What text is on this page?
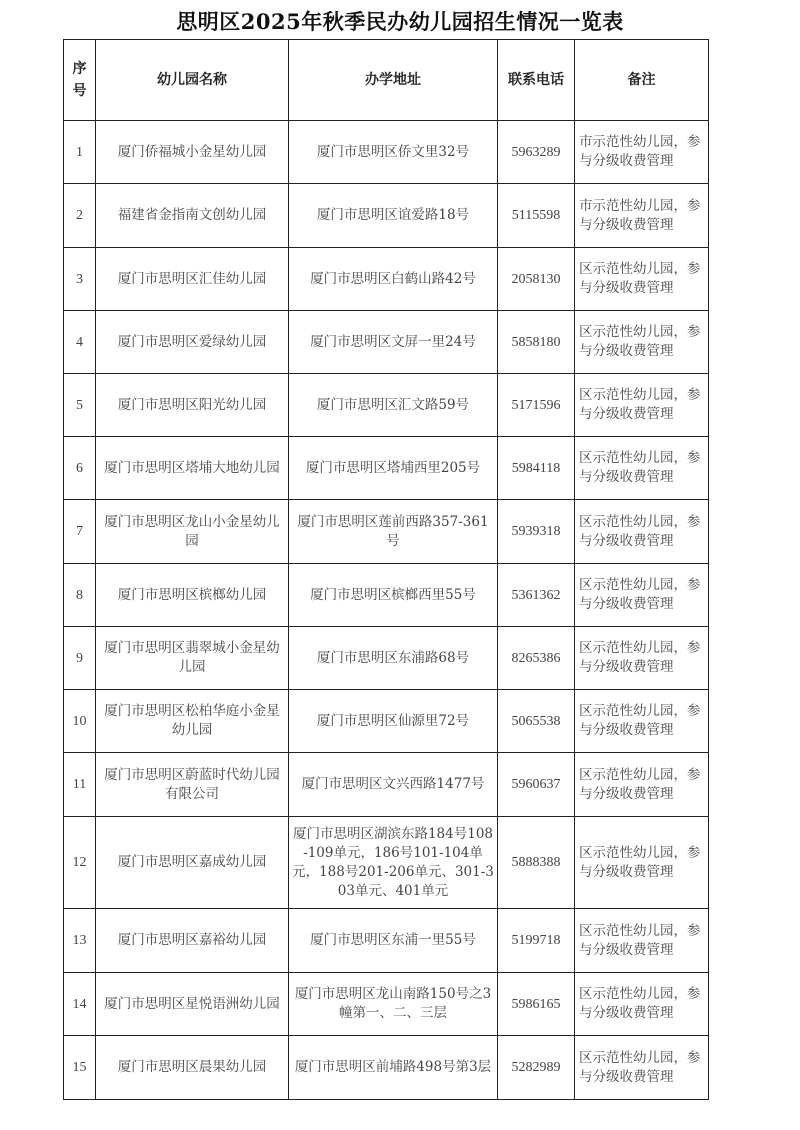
思明区2025年秋季民办幼儿园招生情况一览表
序号	幼儿园名称	办学地址	联系电话	备注
1	厦门侨福城小金星幼儿园	厦门市思明区侨文里32号	5963289	市示范性幼儿园，参与分级收费管理
2	福建省金指南文创幼儿园	厦门市思明区谊爱路18号	5115598	市示范性幼儿园，参与分级收费管理
3	厦门市思明区汇佳幼儿园	厦门市思明区白鹤山路42号	2058130	区示范性幼儿园，参与分级收费管理
4	厦门市思明区爱绿幼儿园	厦门市思明区文屏一里24号	5858180	区示范性幼儿园，参与分级收费管理
5	厦门市思明区阳光幼儿园	厦门市思明区汇文路59号	5171596	区示范性幼儿园，参与分级收费管理
6	厦门市思明区塔埔大地幼儿园	厦门市思明区塔埔西里205号	5984118	区示范性幼儿园，参与分级收费管理
7	厦门市思明区龙山小金星幼儿园	厦门市思明区莲前西路357-361号	5939318	区示范性幼儿园，参与分级收费管理
8	厦门市思明区槟榔幼儿园	厦门市思明区槟榔西里55号	5361362	区示范性幼儿园，参与分级收费管理
9	厦门市思明区翡翠城小金星幼儿园	厦门市思明区东浦路68号	8265386	区示范性幼儿园，参与分级收费管理
10	厦门市思明区松柏华庭小金星幼儿园	厦门市思明区仙源里72号	5065538	区示范性幼儿园，参与分级收费管理
11	厦门市思明区蔚蓝时代幼儿园有限公司	厦门市思明区文兴西路1477号	5960637	区示范性幼儿园，参与分级收费管理
12	厦门市思明区嘉成幼儿园	厦门市思明区湖滨东路184号108-109单元，186号101-104单元，188号201-206单元、301-303单元、401单元	5888388	区示范性幼儿园，参与分级收费管理
13	厦门市思明区嘉裕幼儿园	厦门市思明区东浦一里55号	5199718	区示范性幼儿园，参与分级收费管理
14	厦门市思明区星悦语洲幼儿园	厦门市思明区龙山南路150号之3幢第一、二、三层	5986165	区示范性幼儿园，参与分级收费管理
15	厦门市思明区晨果幼儿园	厦门市思明区前埔路498号第3层	5282989	区示范性幼儿园，参与分级收费管理
